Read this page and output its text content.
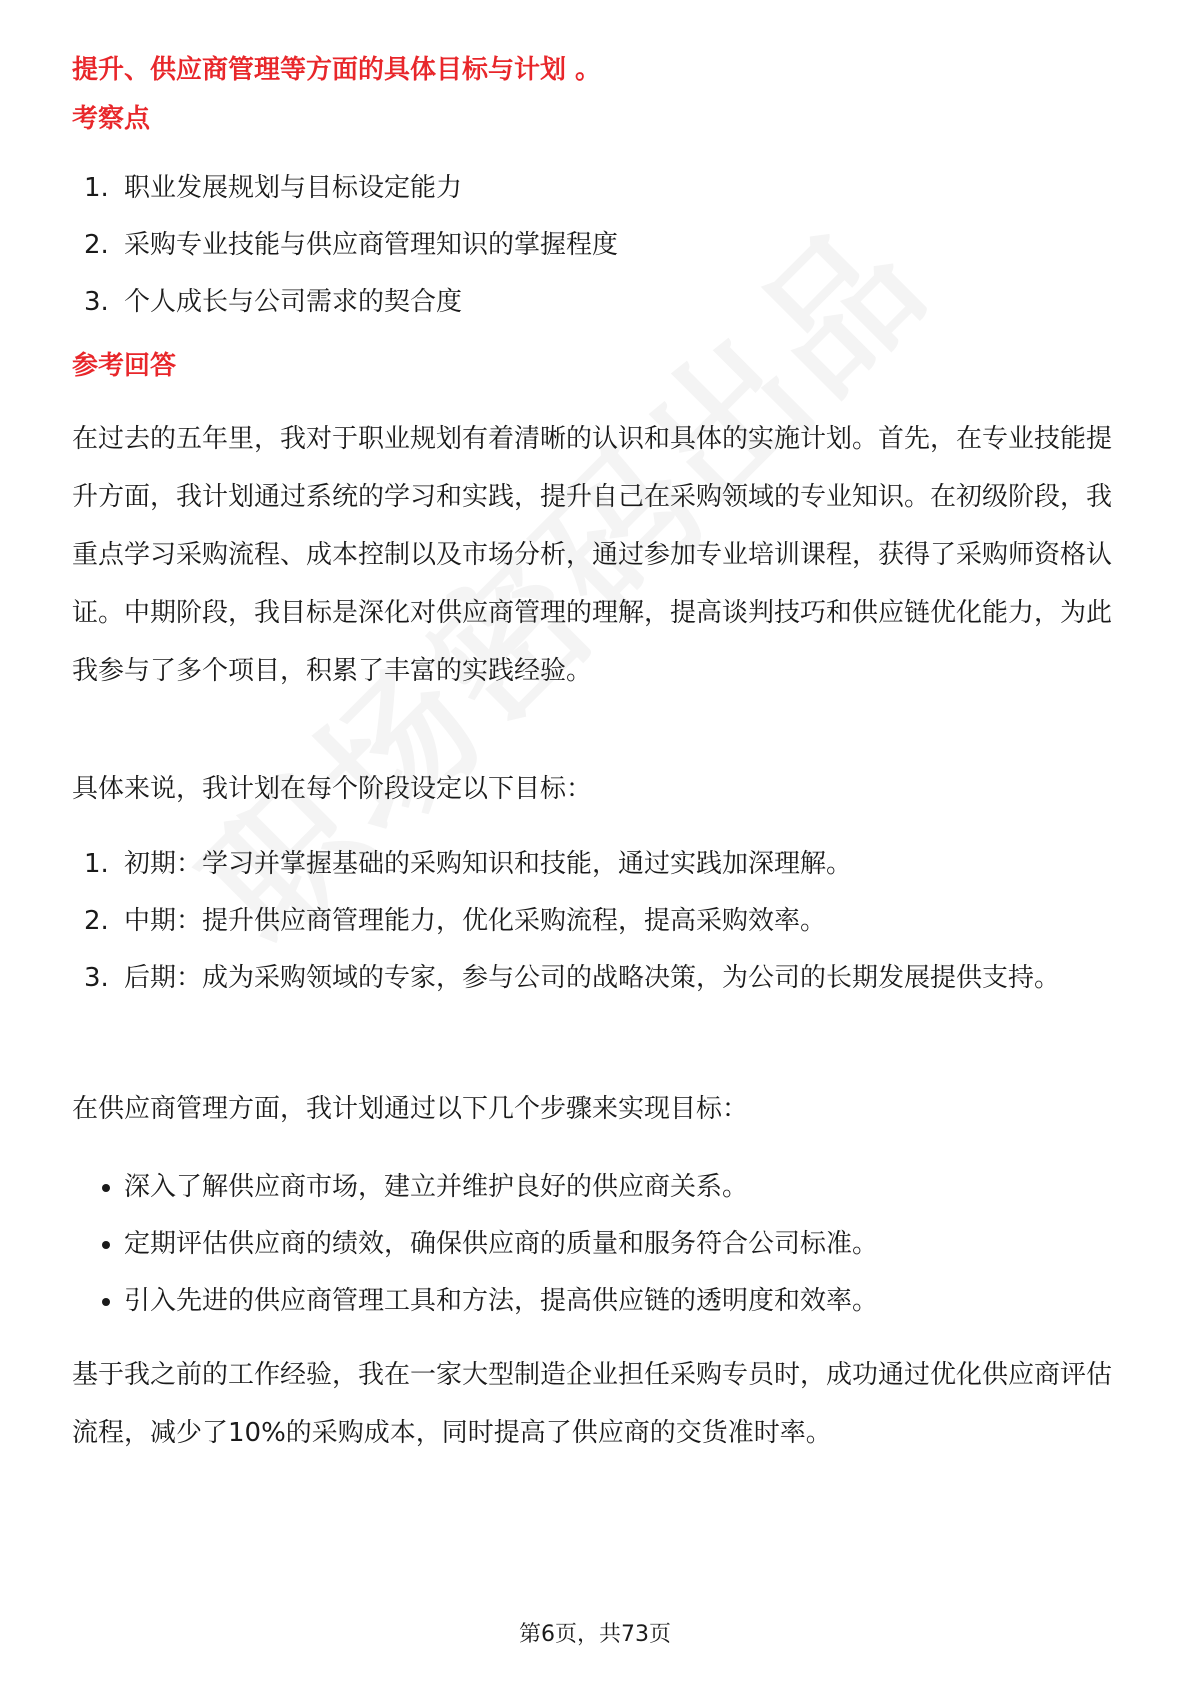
提升、供应商管理等方面的具体目标与计划 。
考察点
1. 职业发展规划与目标设定能力
2. 采购专业技能与供应商管理知识的掌握程度
3. 个人成长与公司需求的契合度
参考回答
在过去的五年里，我对于职业规划有着清晰的认识和具体的实施计划。首先，在专业技能提升方面，我计划通过系统的学习和实践，提升自己在采购领域的专业知识。在初级阶段，我重点学习采购流程、成本控制以及市场分析，通过参加专业培训课程，获得了采购师资格认证。中期阶段，我目标是深化对供应商管理的理解，提高谈判技巧和供应链优化能力，为此我参与了多个项目，积累了丰富的实践经验。
具体来说，我计划在每个阶段设定以下目标：
1. 初期：学习并掌握基础的采购知识和技能，通过实践加深理解。
2. 中期：提升供应商管理能力，优化采购流程，提高采购效率。
3. 后期：成为采购领域的专家，参与公司的战略决策，为公司的长期发展提供支持。
在供应商管理方面，我计划通过以下几个步骤来实现目标：
深入了解供应商市场，建立并维护良好的供应商关系。
定期评估供应商的绩效，确保供应商的质量和服务符合公司标准。
引入先进的供应商管理工具和方法，提高供应链的透明度和效率。
基于我之前的工作经验，我在一家大型制造企业担任采购专员时，成功通过优化供应商评估流程，减少了10%的采购成本，同时提高了供应商的交货准时率。
第6页，共73页
